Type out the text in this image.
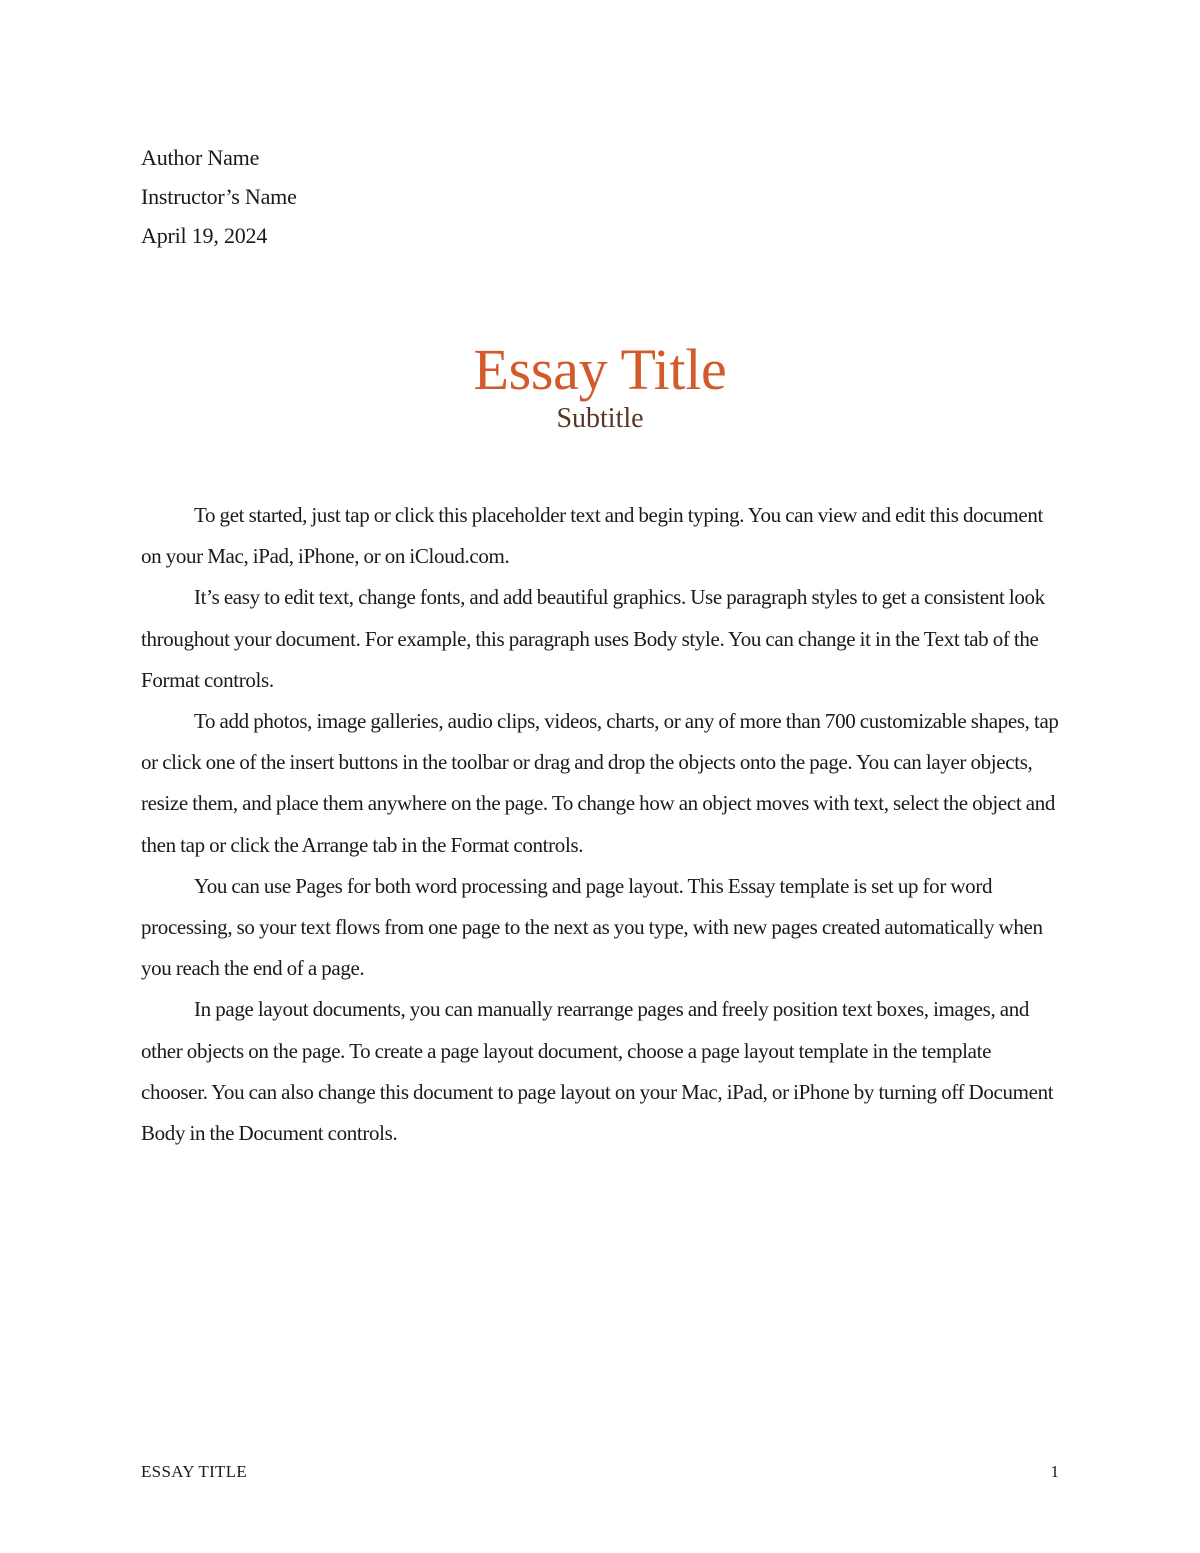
Author Name
Instructor’s Name
April 19, 2024
Essay Title
Subtitle

To get started, just tap or click this placeholder text and begin typing. You can view and edit this document on your Mac, iPad, iPhone, or on iCloud.com.

It’s easy to edit text, change fonts, and add beautiful graphics. Use paragraph styles to get a consistent look throughout your document. For example, this paragraph uses Body style. You can change it in the Text tab of the Format controls.

To add photos, image galleries, audio clips, videos, charts, or any of more than 700 customizable shapes, tap or click one of the insert buttons in the toolbar or drag and drop the objects onto the page. You can layer objects, resize them, and place them anywhere on the page. To change how an object moves with text, select the object and then tap or click the Arrange tab in the Format controls.

You can use Pages for both word processing and page layout. This Essay template is set up for word processing, so your text flows from one page to the next as you type, with new pages created automatically when you reach the end of a page.

In page layout documents, you can manually rearrange pages and freely position text boxes, images, and other objects on the page. To create a page layout document, choose a page layout template in the template chooser. You can also change this document to page layout on your Mac, iPad, or iPhone by turning off Document Body in the Document controls.

ESSAY TITLE	1
